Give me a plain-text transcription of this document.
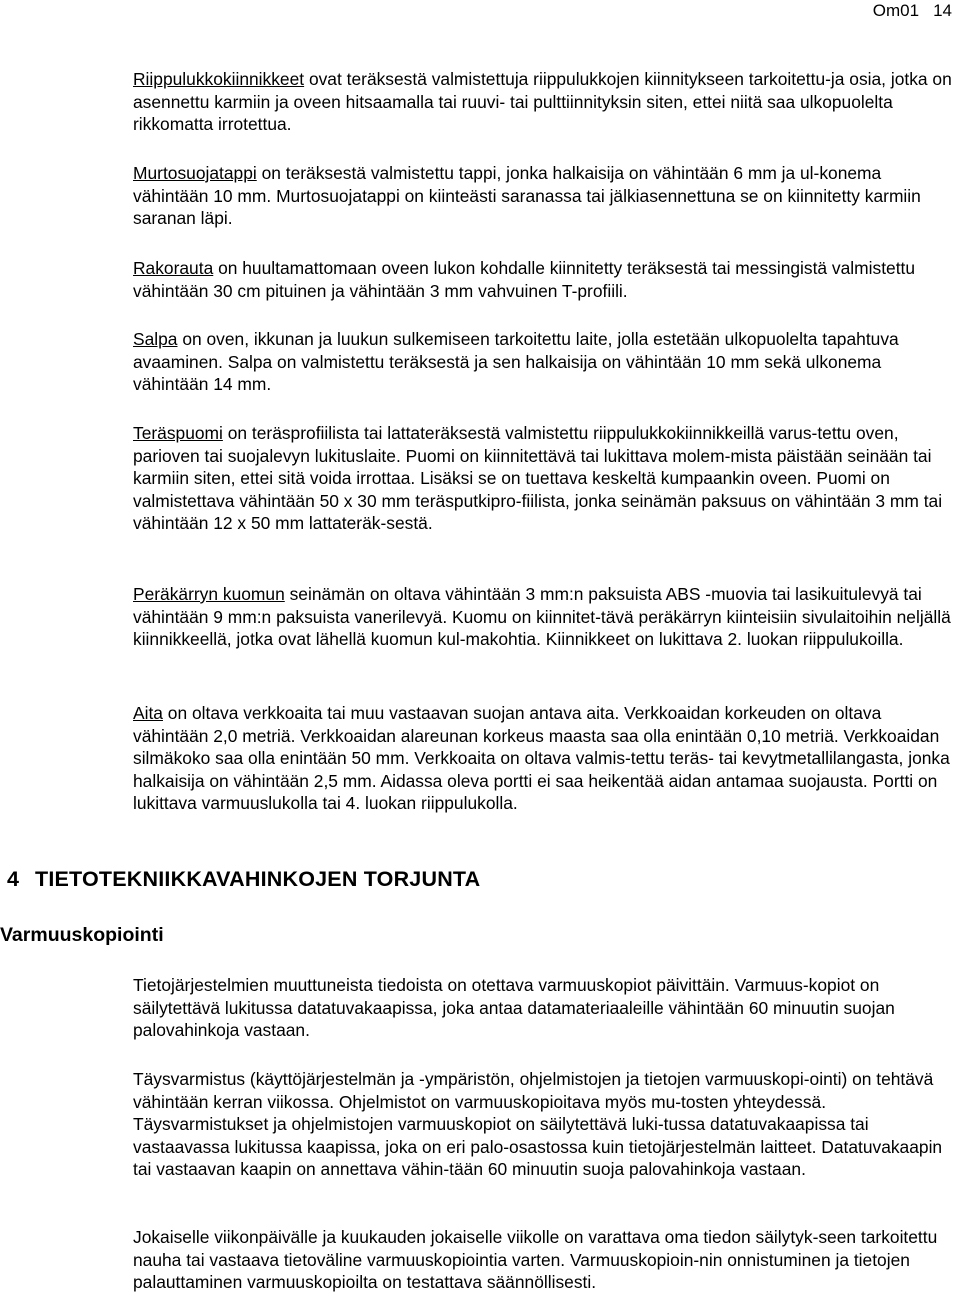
Om01 14

Riippulukkokiinnikkeet ovat teräksestä valmistettuja riippulukkojen kiinnitykseen tarkoitettu-ja osia, jotka on asennettu karmiin ja oveen hitsaamalla tai ruuvi- tai pulttiinnityksin siten, ettei niitä saa ulkopuolelta rikkomatta irrotettua.

Murtosuojatappi on teräksestä valmistettu tappi, jonka halkaisija on vähintään 6 mm ja ul-konema vähintään 10 mm. Murtosuojatappi on kiinteästi saranassa tai jälkiasennettuna se on kiinnitetty karmiin saranan läpi.

Rakorauta on huultamattomaan oveen lukon kohdalle kiinnitetty teräksestä tai messingistä valmistettu vähintään 30 cm pituinen ja vähintään 3 mm vahvuinen T-profiili.

Salpa on oven, ikkunan ja luukun sulkemiseen tarkoitettu laite, jolla estetään ulkopuolelta tapahtuva avaaminen. Salpa on valmistettu teräksestä ja sen halkaisija on vähintään 10 mm sekä ulkonema vähintään 14 mm.

Teräspuomi on teräsprofiilista tai lattateräksestä valmistettu riippulukkokiinnikkeillä varus-tettu oven, parioven tai suojalevyn lukituslaite. Puomi on kiinnitettävä tai lukittava molem-mista päistään seinään tai karmiin siten, ettei sitä voida irrottaa. Lisäksi se on tuettava keskeltä kumpaankin oveen. Puomi on valmistettava vähintään 50 x 30 mm teräsputkipro-fiilista, jonka seinämän paksuus on vähintään 3 mm tai vähintään 12 x 50 mm lattateräk-sestä.

Peräkärryn kuomun seinämän on oltava vähintään 3 mm:n paksuista ABS -muovia tai lasikuitulevyä tai vähintään 9 mm:n paksuista vanerilevyä. Kuomu on kiinnitet-tävä peräkärryn kiinteisiin sivulaitoihin neljällä kiinnikkeellä, jotka ovat lähellä kuomun kul-makohtia. Kiinnikkeet on lukittava 2. luokan riippulukoilla.

Aita on oltava verkkoaita tai muu vastaavan suojan antava aita. Verkkoaidan korkeuden on oltava vähintään 2,0 metriä. Verkkoaidan alareunan korkeus maasta saa olla enintään 0,10 metriä. Verkkoaidan silmäkoko saa olla enintään 50 mm. Verkkoaita on oltava valmis-tettu teräs- tai kevytmetallilangasta, jonka halkaisija on vähintään 2,5 mm. Aidassa oleva portti ei saa heikentää aidan antamaa suojausta. Portti on lukittava varmuuslukolla tai 4. luokan riippulukolla.

4 TIETOTEKNIIKKAVAHINKOJEN TORJUNTA
Varmuuskopiointi

Tietojärjestelmien muuttuneista tiedoista on otettava varmuuskopiot päivittäin. Varmuus-kopiot on säilytettävä lukitussa datatuvakaapissa, joka antaa datamateriaaleille vähintään 60 minuutin suojan palovahinkoja vastaan.

Täysvarmistus (käyttöjärjestelmän ja -ympäristön, ohjelmistojen ja tietojen varmuuskopi-ointi) on tehtävä vähintään kerran viikossa. Ohjelmistot on varmuuskopioitava myös mu-tosten yhteydessä. Täysvarmistukset ja ohjelmistojen varmuuskopiot on säilytettävä luki-tussa datatuvakaapissa tai vastaavassa lukitussa kaapissa, joka on eri palo-osastossa kuin tietojärjestelmän laitteet. Datatuvakaapin tai vastaavan kaapin on annettava vähin-tään 60 minuutin suoja palovahinkoja vastaan.

Jokaiselle viikonpäivälle ja kuukauden jokaiselle viikolle on varattava oma tiedon säilytyk-seen tarkoitettu nauha tai vastaava tietoväline varmuuskopiointia varten. Varmuuskopioin-nin onnistuminen ja tietojen palauttaminen varmuuskopioilta on testattava säännöllisesti.
